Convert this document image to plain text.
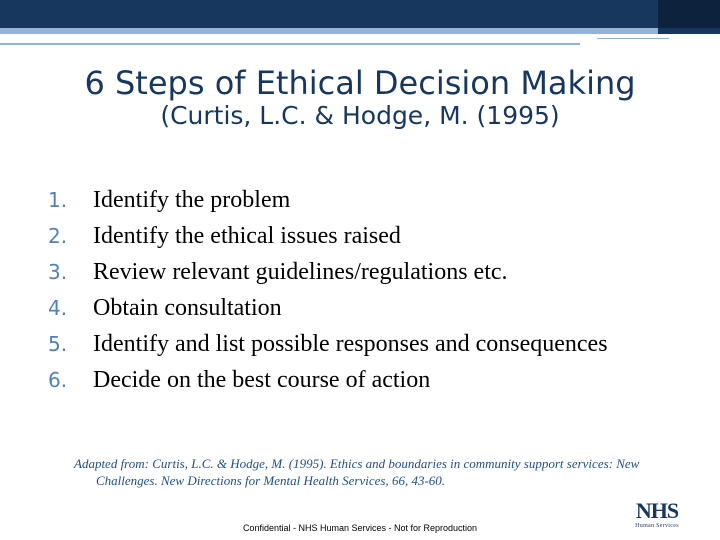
6 Steps of Ethical Decision Making
(Curtis, L.C. & Hodge, M. (1995)
1.	Identify the problem
2.	Identify the ethical issues raised
3.	Review relevant guidelines/regulations etc.
4.	Obtain consultation
5.	Identify and list possible responses and consequences
6.	Decide on the best course of action
Adapted from: Curtis, L.C. & Hodge, M. (1995). Ethics and boundaries in community support services: New Challenges. New Directions for Mental Health Services, 66, 43-60.
Confidential - NHS Human Services - Not for Reproduction
NHS
Human Services
